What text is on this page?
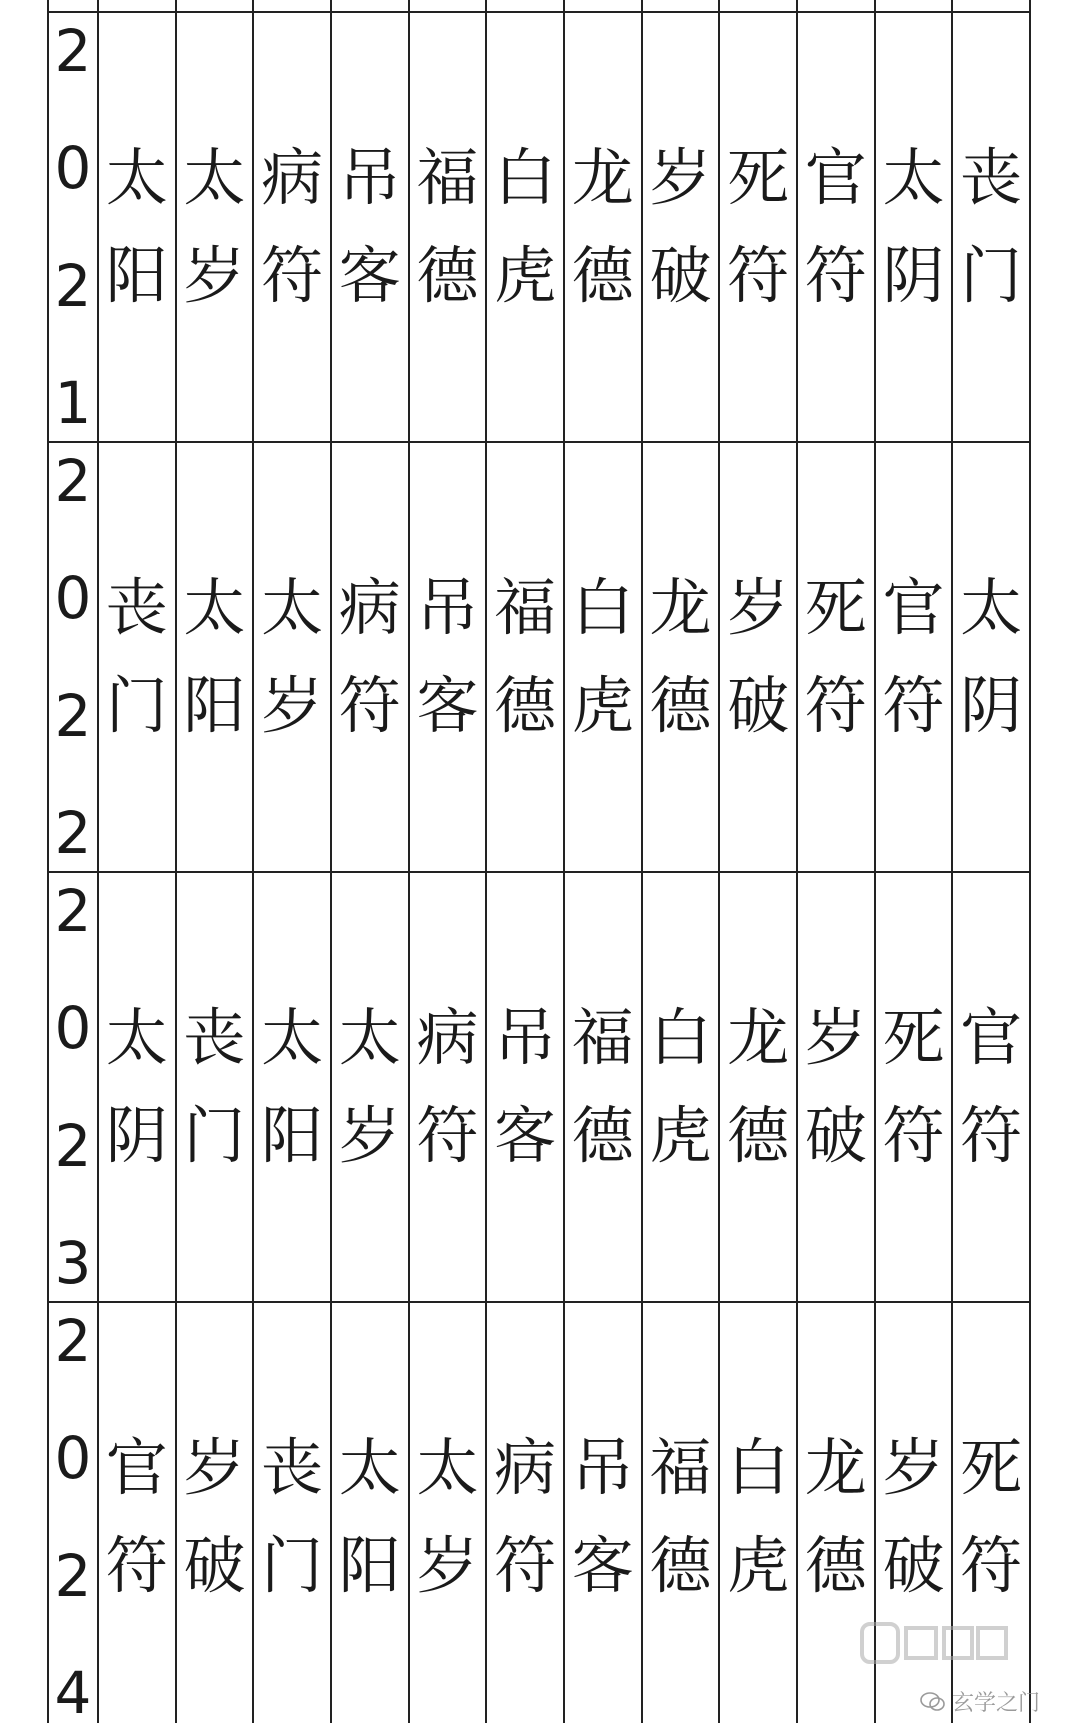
2
0
2
1	太阳	太岁	病符	吊客	福德	白虎	龙德	岁破	死符	官符	太阴	丧门

2
0
2
2	丧门	太阳	太岁	病符	吊客	福德	白虎	龙德	岁破	死符	官符	太阴

2
0
2
3	太阴	丧门	太阳	太岁	病符	吊客	福德	白虎	龙德	岁破	死符	官符

2
0
2
4	官符	岁破	丧门	太阳	太岁	病符	吊客	福德	白虎	龙德	岁破	死符
玄学之门
